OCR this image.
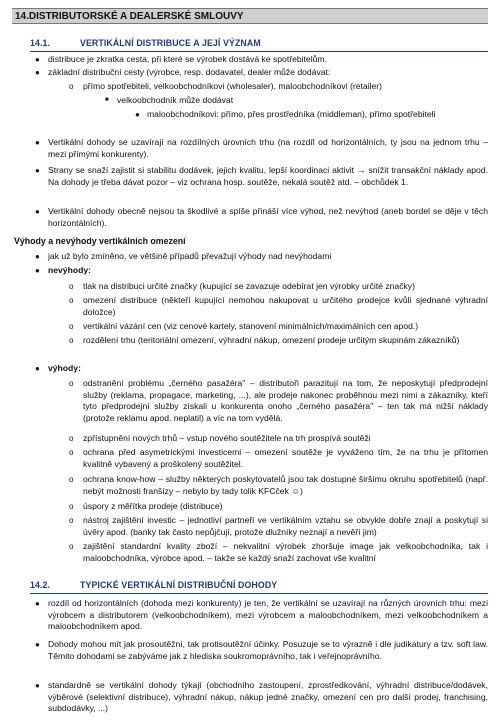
14.DISTRIBUTORSKÉ A DEALERSKÉ SMLOUVY
14.1.	VERTIKÁLNÍ DISTRIBUCE A JEJÍ VÝZNAM
● distribuce je zkratka cesta, při které se výrobek dostává ke spotřebitelům.
● základní distribuční cesty (výrobce, resp. dodavatel, dealer může dodávat:
o přímo spotřebiteli, velkoobchodníkovi (wholesaler), maloobchodníkovi (retailer)
■ velkoobchodník může dodávat
● maloobchodníkovi: přímo, přes prostředníka (middleman), přímo spotřebiteli
● Vertikální dohody se uzavírají na rozdílných úrovních trhu (na rozdíl od horizontálních, ty jsou na jednom trhu – mezi přímými konkurenty).
● Strany se snaží zajistit si stabilitu dodávek, jejich kvalitu, lepší koordinaci aktivit → snížit transakční náklady apod. Na dohody je třeba dávat pozor – viz ochrana hosp. soutěže, nekalá soutěž atd. – obchůdek 1.
● Vertikální dohody obecně nejsou ta škodlivé a spíše přináší více výhod, než nevýhod (aneb bordel se děje v těch horizontálních).
Výhody a nevýhody vertikálních omezení
● jak už bylo zmíněno, ve většině případů převažují výhody nad nevýhodami
● nevýhody:
o tlak na distribuci určité značky (kupující se zavazuje odebírat jen výrobky určité značky)
o omezení distribuce (někteří kupující nemohou nakupovat u určitého prodejce kvůli sjednané výhradní doložce)
o vertikální vázání cen (viz cenové kartely, stanovení minimálních/maximálních cen apod.)
o rozdělení trhu (teritoriální omezení, výhradní nákup, omezení prodeje určitým skupinám zákazníků)
● výhody:
o odstranění problému „černého pasažéra" – distributoři parazitují na tom, že neposkytují předprodejní služby (reklama, propagace, marketing, ...), ale prodeje nakonec proběhnou mezi nimi a zákazníky, kteří tyto předprodejní služby získali u konkurenta onoho „černého pasažéra" – ten tak má nižší náklady (protože reklamu apod. neplatil) a víc na tom vydělá.
o zpřístupnění nových trhů – vstup nového soutěžitele na trh prospívá soutěži
o ochrana před asymetrickými investicemi – omezení soutěže je vyváženo tím, že na trhu je přítomen kvalitně vybavený a proškolený soutěžitel.
o ochrana know-how – služby některých poskytovatelů jsou tak dostupné širšímu okruhu spotřebitelů (např. nebýt možnosti franšízy – nebylo by tady tolik KFCček ☺)
o úspory z měřítka prodeje (distribuce)
o nástroj zajištění investic – jednotliví partneři ve vertikálním vztahu se obvykle dobře znají a poskytují si úvěry apod. (banky tak často nepůjčují, protože dlužníky neznají a nevěří jim)
o zajištění standardní kvality zboží – nekvalitní výrobek zhoršuje image jak velkoobchodníka, tak i maloobchodníka, výrobce apod. – takže se každý snaží zachovat vše kvalitní
14.2.	TYPICKÉ VERTIKÁLNÍ DISTRIBUČNÍ DOHODY
● rozdíl od horizontálních (dohoda mezi konkurenty) je ten, že vertikální se uzavírají na různých úrovních trhu: mezi výrobcem a distributorem (velkoobchodníkem), mezi výrobcem a maloobchodníkem, mezi velkoobchodníkem a maloobchodníkem apod.
● Dohody mohou mít jak prosoutěžní, tak protisoutěžní účinky. Posuzuje se to výrazně i dle judikatury a tzv. soft law. Těmito dohodami se zabýváme jak z hlediska soukromoprávního, tak i veřejnoprávního.
● standardně se vertikální dohody týkají (obchodního zastoupení, zprostředkování, výhradní distribuce/dodávek, výběrové (selektivní distribuce), výhradní nákup, nákup jedné značky, omezení cen pro další prodej, franchising, subdodávky, ...)
